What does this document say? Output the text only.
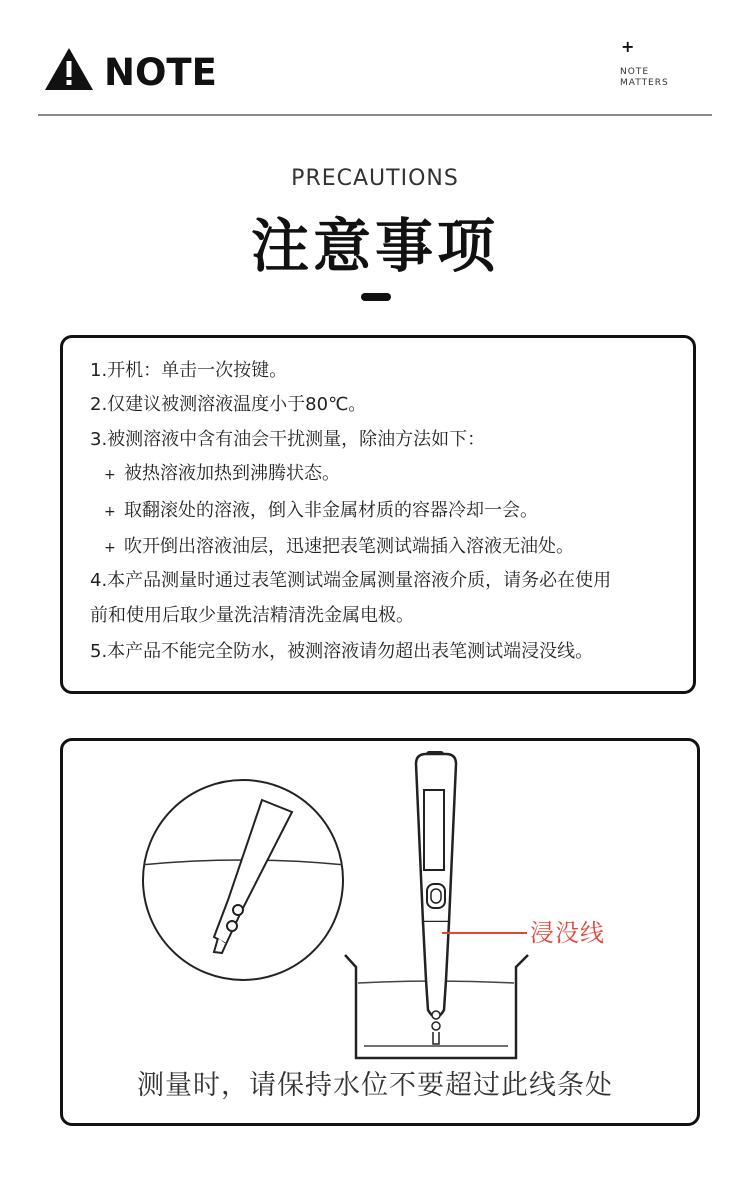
NOTE
+
NOTE
MATTERS
PRECAUTIONS
注意事项
1.开机：单击一次按键。
2.仅建议被测溶液温度小于80℃。
3.被测溶液中含有油会干扰测量，除油方法如下：
+ 被热溶液加热到沸腾状态。
+ 取翻滚处的溶液，倒入非金属材质的容器冷却一会。
+ 吹开倒出溶液油层，迅速把表笔测试端插入溶液无油处。
4.本产品测量时通过表笔测试端金属测量溶液介质，请务必在使用
前和使用后取少量洗洁精清洗金属电极。
5.本产品不能完全防水，被测溶液请勿超出表笔测试端浸没线。
浸没线
测量时，请保持水位不要超过此线条处
